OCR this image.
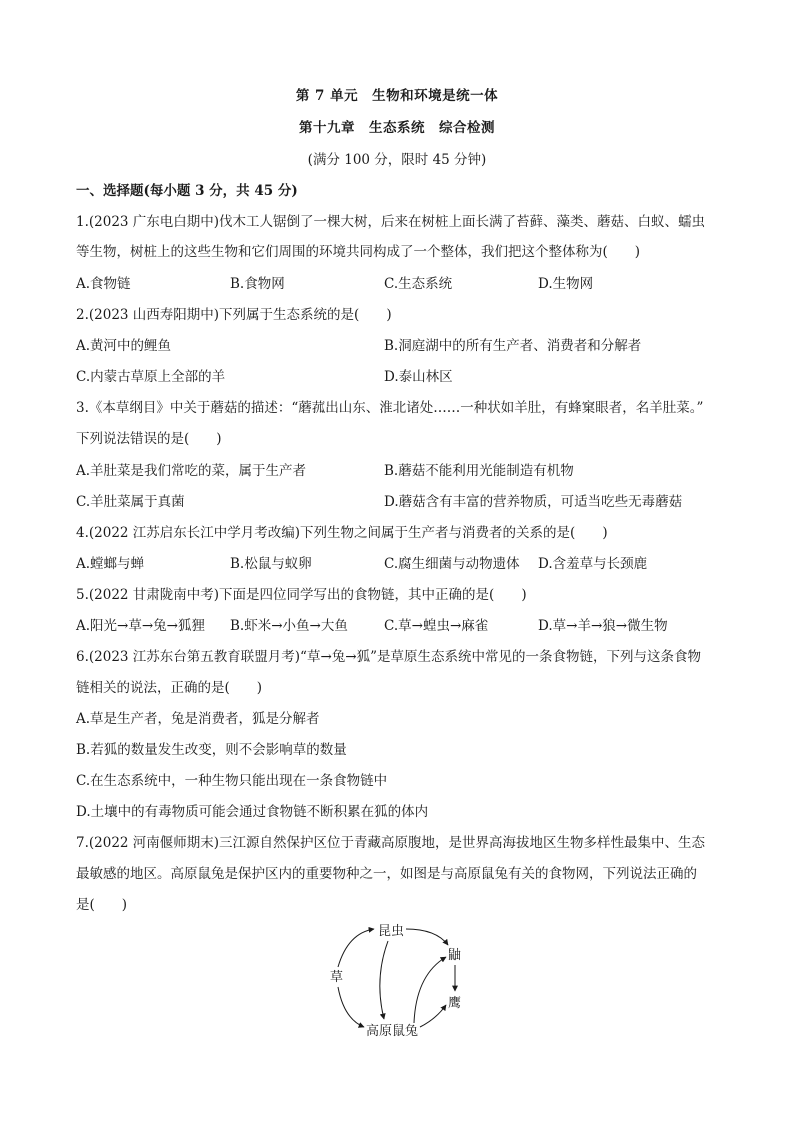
第 7 单元　生物和环境是统一体
第十九章　生态系统　综合检测
(满分 100 分，限时 45 分钟)
一、选择题(每小题 3 分，共 45 分)
1.(2023 广东电白期中)伐木工人锯倒了一棵大树，后来在树桩上面长满了苔藓、藻类、蘑菇、白蚁、蠕虫
等生物，树桩上的这些生物和它们周围的环境共同构成了一个整体，我们把这个整体称为(　　)
A.食物链	B.食物网	C.生态系统	D.生物网
2.(2023 山西寿阳期中)下列属于生态系统的是(　　)
A.黄河中的鲤鱼	B.洞庭湖中的所有生产者、消费者和分解者
C.内蒙古草原上全部的羊	D.泰山林区
3.《本草纲目》中关于蘑菇的描述：“蘑菰出山东、淮北诸处……一种状如羊肚，有蜂窠眼者，名羊肚菜。”
下列说法错误的是(　　)
A.羊肚菜是我们常吃的菜，属于生产者	B.蘑菇不能利用光能制造有机物
C.羊肚菜属于真菌	D.蘑菇含有丰富的营养物质，可适当吃些无毒蘑菇
4.(2022 江苏启东长江中学月考改编)下列生物之间属于生产者与消费者的关系的是(　　)
A.螳螂与蝉	B.松鼠与蚁卵	C.腐生细菌与动物遗体 D.含羞草与长颈鹿
5.(2022 甘肃陇南中考)下面是四位同学写出的食物链，其中正确的是(　　)
A.阳光→草→兔→狐狸 B.虾米→小鱼→大鱼	C.草→蝗虫→麻雀	D.草→羊→狼→微生物
6.(2023 江苏东台第五教育联盟月考)“草→兔→狐”是草原生态系统中常见的一条食物链，下列与这条食物
链相关的说法，正确的是(　　)
A.草是生产者，兔是消费者，狐是分解者
B.若狐的数量发生改变，则不会影响草的数量
C.在生态系统中，一种生物只能出现在一条食物链中
D.土壤中的有毒物质可能会通过食物链不断积累在狐的体内
7.(2022 河南偃师期末)三江源自然保护区位于青藏高原腹地，是世界高海拔地区生物多样性最集中、生态
最敏感的地区。高原鼠兔是保护区内的重要物种之一，如图是与高原鼠兔有关的食物网，下列说法正确的
是(　　)
草
昆虫
鼬
鹰
高原鼠兔
